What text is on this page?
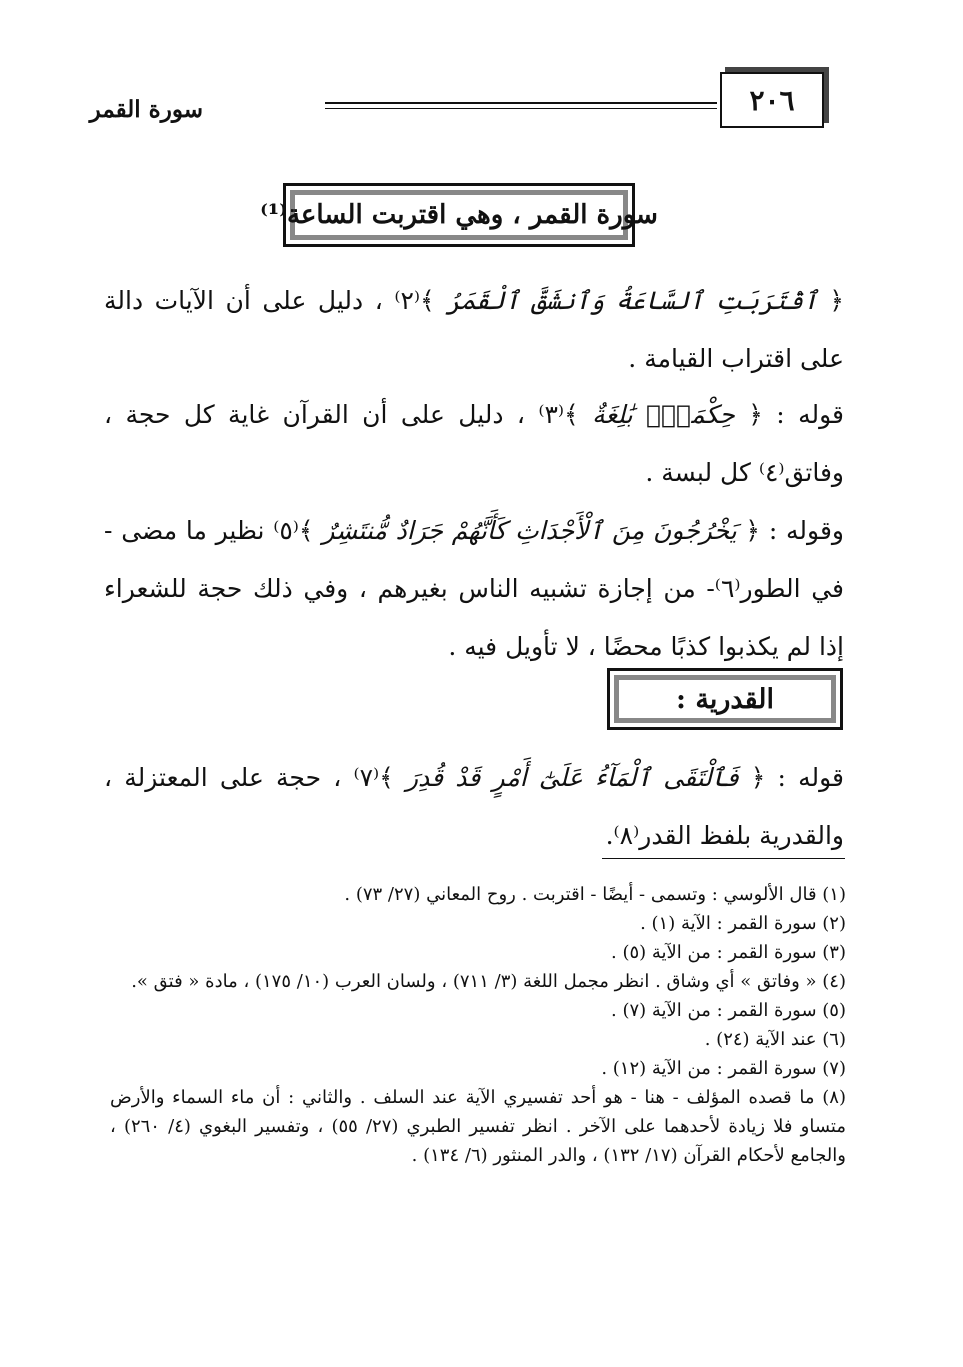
٢٠٦
سورة القمر
سورة القمر ، وهي اقتربت الساعة⁽¹⁾
﴿ ٱقْتَرَبَتِ ٱلسَّاعَةُ وَٱنشَقَّ ٱلْقَمَرُ ﴾⁽٢⁾ ، دليل على أن الآيات دالة على اقتراب القيامة .
قوله : ﴿ حِكْمَةٌۢ بَٰلِغَةٌ ﴾⁽٣⁾ ، دليل على أن القرآن غاية كل حجة ، وفاتق⁽٤⁾ كل لبسة .
وقوله : ﴿ يَخْرُجُونَ مِنَ ٱلْأَجْدَاثِ كَأَنَّهُمْ جَرَادٌ مُّنتَشِرٌ ﴾⁽٥⁾ نظير ما مضى - في الطور⁽٦⁾- من إجازة تشبيه الناس بغيرهم ، وفي ذلك حجة للشعراء إذا لم يكذبوا كذبًا محضًا ، لا تأويل فيه .
القدرية :
قوله : ﴿ فَٱلْتَقَى ٱلْمَآءُ عَلَىٰٓ أَمْرٍ قَدْ قُدِرَ ﴾⁽٧⁾ ، حجة على المعتزلة ، والقدرية بلفظ القدر⁽٨⁾.
(١) قال الألوسي : وتسمى - أيضًا - اقتربت . روح المعاني (٢٧/ ٧٣) .
(٢) سورة القمر : الآية (١) .
(٣) سورة القمر : من الآية (٥) .
(٤) « وفاتق » أي وشاق . انظر مجمل اللغة (٣/ ٧١١) ، ولسان العرب (١٠/ ١٧٥) ، مادة « فتق ».
(٥) سورة القمر : من الآية (٧) .
(٦) عند الآية (٢٤) .
(٧) سورة القمر : من الآية (١٢) .
(٨) ما قصده المؤلف - هنا - هو أحد تفسيري الآية عند السلف . والثاني : أن ماء السماء والأرض متساو فلا زيادة لأحدهما على الآخر . انظر تفسير الطبري (٢٧/ ٥٥) ، وتفسير البغوي (٤/ ٢٦٠) ، والجامع لأحكام القرآن (١٧/ ١٣٢) ، والدر المنثور (٦/ ١٣٤) .
